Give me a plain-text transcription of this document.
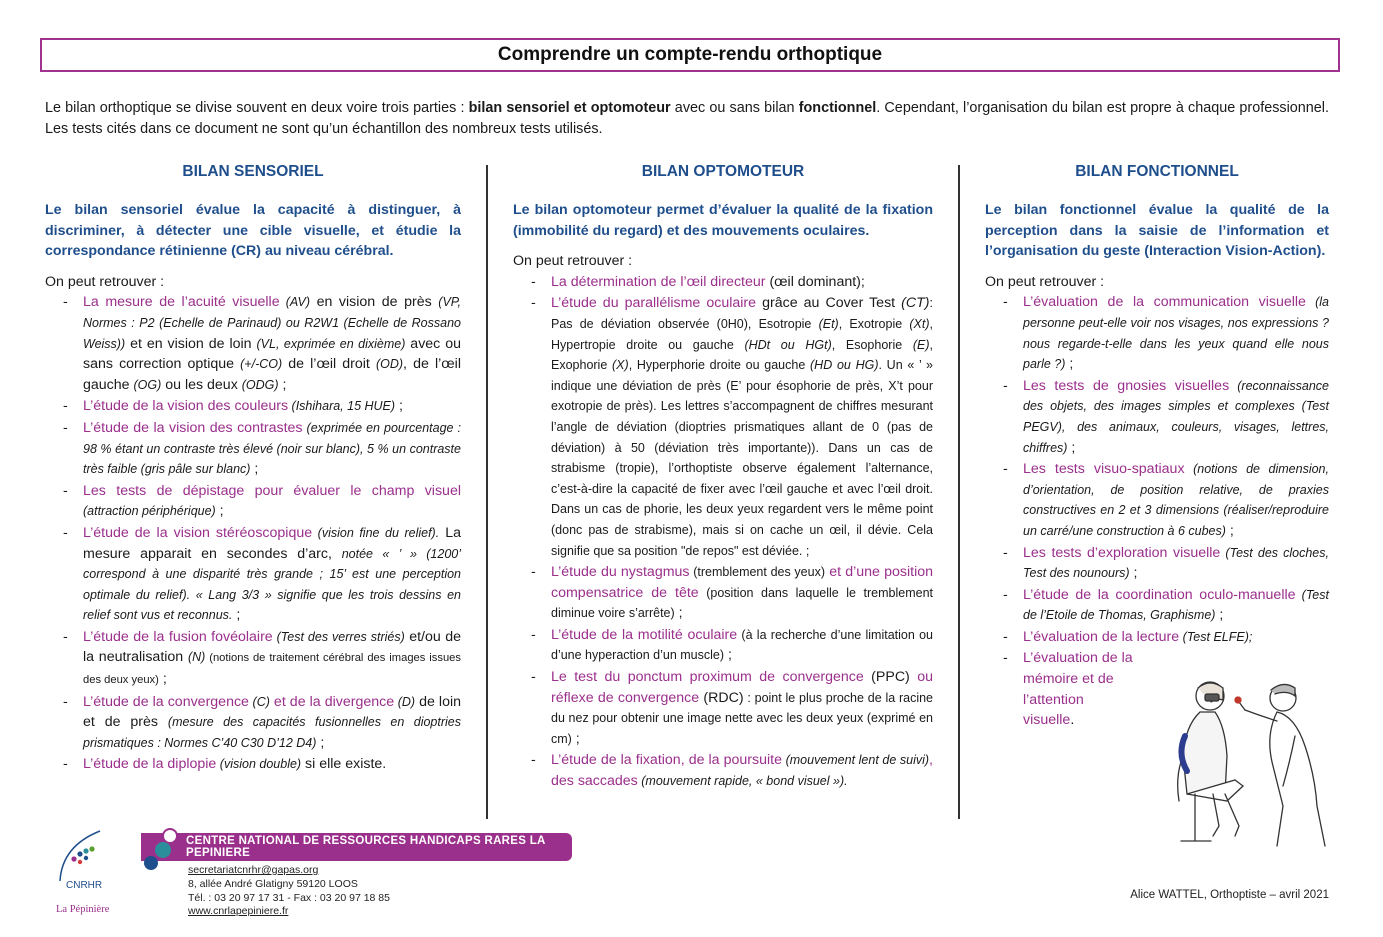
Comprendre un compte-rendu orthoptique

Le bilan orthoptique se divise souvent en deux voire trois parties : bilan sensoriel et optomoteur avec ou sans bilan fonctionnel. Cependant, l’organisation du bilan est propre à chaque professionnel. Les tests cités dans ce document ne sont qu’un échantillon des nombreux tests utilisés.

BILAN SENSORIEL

Le bilan sensoriel évalue la capacité à distinguer, à discriminer, à détecter une cible visuelle, et étudie la correspondance rétinienne (CR) au niveau cérébral.

On peut retrouver :

- La mesure de l’acuité visuelle (AV) en vision de près (VP, Normes : P2 (Echelle de Parinaud) ou R2W1 (Echelle de Rossano Weiss)) et en vision de loin (VL, exprimée en dixième) avec ou sans correction optique (+/-CO) de l’œil droit (OD), de l’œil gauche (OG) ou les deux (ODG) ;
- L’étude de la vision des couleurs (Ishihara, 15 HUE) ;
- L’étude de la vision des contrastes (exprimée en pourcentage : 98 % étant un contraste très élevé (noir sur blanc), 5 % un contraste très faible (gris pâle sur blanc) ;
- Les tests de dépistage pour évaluer le champ visuel (attraction périphérique) ;
- L’étude de la vision stéréoscopique (vision fine du relief). La mesure apparait en secondes d’arc, notée « ’ » (1200’ correspond à une disparité très grande ; 15’ est une perception optimale du relief). « Lang 3/3 » signifie que les trois dessins en relief sont vus et reconnus. ;
- L’étude de la fusion fovéolaire (Test des verres striés) et/ou de la neutralisation (N) (notions de traitement cérébral des images issues des deux yeux) ;
- L’étude de la convergence (C) et de la divergence (D) de loin et de près (mesure des capacités fusionnelles en dioptries prismatiques : Normes C’40 C30 D’12 D4) ;
- L’étude de la diplopie (vision double) si elle existe.
BILAN OPTOMOTEUR

Le bilan optomoteur permet d’évaluer la qualité de la fixation (immobilité du regard) et des mouvements oculaires.

On peut retrouver :

- La détermination de l’œil directeur (œil dominant);
- L’étude du parallélisme oculaire grâce au Cover Test (CT): Pas de déviation observée (0H0), Esotropie (Et), Exotropie (Xt), Hypertropie droite ou gauche (HDt ou HGt), Esophorie (E), Exophorie (X), Hyperphorie droite ou gauche (HD ou HG). Un « ’ » indique une déviation de près (E’ pour ésophorie de près, X’t pour exotropie de près). Les lettres s’accompagnent de chiffres mesurant l’angle de déviation (dioptries prismatiques allant de 0 (pas de déviation) à 50 (déviation très importante)). Dans un cas de strabisme (tropie), l’orthoptiste observe également l’alternance, c’est-à-dire la capacité de fixer avec l’œil gauche et avec l’œil droit. Dans un cas de phorie, les deux yeux regardent vers le même point (donc pas de strabisme), mais si on cache un œil, il dévie. Cela signifie que sa position "de repos" est déviée. ;
- L’étude du nystagmus (tremblement des yeux) et d’une position compensatrice de tête (position dans laquelle le tremblement diminue voire s’arrête) ;
- L’étude de la motilité oculaire (à la recherche d’une limitation ou d’une hyperaction d’un muscle) ;
- Le test du ponctum proximum de convergence (PPC) ou réflexe de convergence (RDC) : point le plus proche de la racine du nez pour obtenir une image nette avec les deux yeux (exprimé en cm) ;
- L’étude de la fixation, de la poursuite (mouvement lent de suivi), des saccades (mouvement rapide, « bond visuel »).
BILAN FONCTIONNEL

Le bilan fonctionnel évalue la qualité de la perception dans la saisie de l’information et l’organisation du geste (Interaction Vision-Action).

On peut retrouver :

- L’évaluation de la communication visuelle (la personne peut-elle voir nos visages, nos expressions ? nous regarde-t-elle dans les yeux quand elle nous parle ?) ;
- Les tests de gnosies visuelles (reconnaissance des objets, des images simples et complexes (Test PEGV), des animaux, couleurs, visages, lettres, chiffres) ;
- Les tests visuo-spatiaux (notions de dimension, d’orientation, de position relative, de praxies constructives en 2 et 3 dimensions (réaliser/reproduire un carré/une construction à 6 cubes) ;
- Les tests d’exploration visuelle (Test des cloches, Test des nounours) ;
- L’étude de la coordination oculo-manuelle (Test de l’Etoile de Thomas, Graphisme) ;
- L’évaluation de la lecture (Test ELFE);
- L’évaluation de la mémoire et de l’attention visuelle.
CNRHR
La Pépinière
CENTRE NATIONAL DE RESSOURCES HANDICAPS RARES LA PEPINIERE
secretariatcnrhr@gapas.org
8, allée André Glatigny 59120 LOOS
Tél. : 03 20 97 17 31 - Fax : 03 20 97 18 85
www.cnrlapepiniere.fr
Alice WATTEL, Orthoptiste – avril 2021
